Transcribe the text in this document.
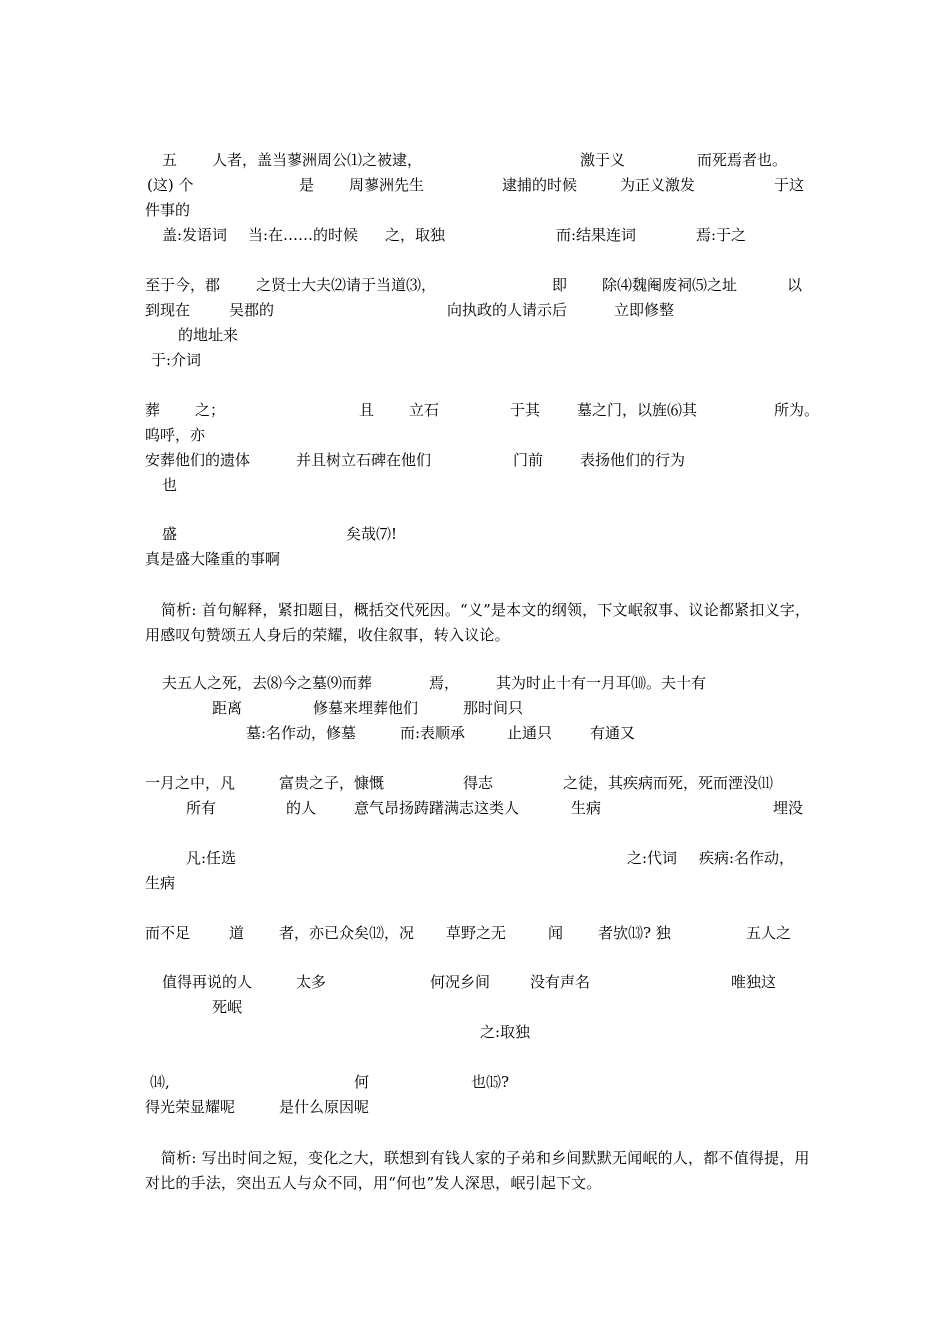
五 人者，盖当蓼洲周公⑴之被逮，	激于义	而死焉者也。
(这) 个	是 周蓼洲先生	逮捕的时候	为正义激发	于这
件事的
盖:发语词 当:在……的时候 之，取独	而:结果连词	焉:于之
至于今，郡 之贤士大夫⑵请于当道⑶，	即 除⑷魏阉废祠⑸之址	以
到现在	吴郡的	向执政的人请示后	立即修整
的地址来
于:介词
葬 之；	且 立石	于其 墓之门，以旌⑹其	所为。
呜呼，亦
安葬他们的遗体	并且树立石碑在他们	门前 表扬他们的行为
也
盛	矣哉⑺!
真是盛大隆重的事啊
简析: 首句解释，紧扣题目，概括交代死因。“义”是本文的纲领，下文岷叙事、议论都紧扣义字，用感叹句赞颂五人身后的荣耀，收住叙事，转入议论。
夫五人之死，去⑻今之墓⑼而葬	焉， 其为时止十有一月耳⑽。夫十有
距离	修墓来埋葬他们	那时间只
墓:名作动，修墓	而:表顺承	止通只	有通又
一月之中，凡	富贵之子，慷慨	得志	之徒，其疾病而死，死而湮没⑾
所有	的人	意气昂扬踌躇满志这类人	生病	埋没
凡:任选	之:代词 疾病:名作动，
生病
而不足	道 者，亦已众矣⑿，况 草野之无	闻 者欤⒀? 独	五人之
值得再说的人	太多	何况乡间	没有声名	唯独这
死岷
之:取独
⒁,	何	也⒂?
得光荣显耀呢	是什么原因呢
简析: 写出时间之短，变化之大，联想到有钱人家的子弟和乡间默默无闻岷的人，都不值得提，用对比的手法，突出五人与众不同，用“何也”发人深思，岷引起下文。
